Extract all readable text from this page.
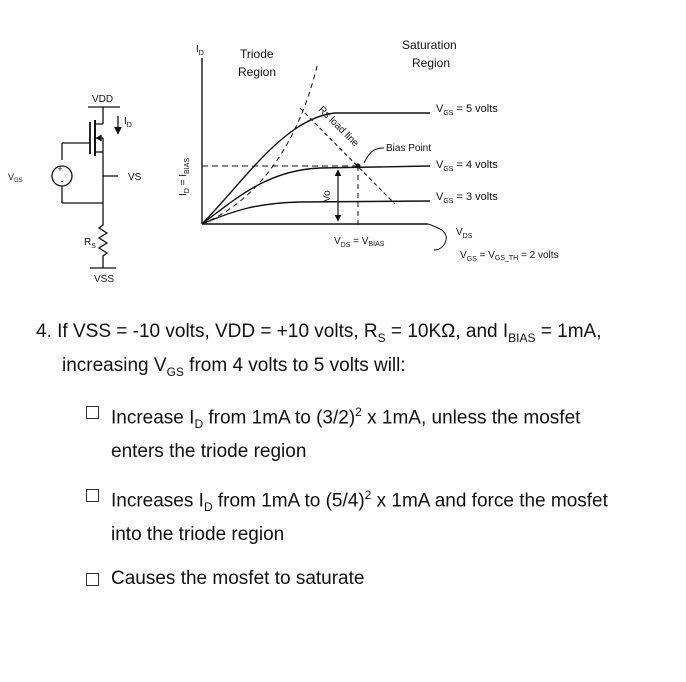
+
-
VDD
$I_D$
$V_{GS}$	VS
$R_S$
VSS
$I_D$
$I_D = I_{BIAS}$
Triode
Region
Saturation
Region
Rs load line	Bias Point
Vo
$V_{DS} = V_{BIAS}$
$V_{GS} = 5$ volts
$V_{GS} = 4$ volts
$V_{GS} = 3$ volts
$V_{DS}$
$V_{GS} = V_{GS\_TH} = 2$ volts
4. If VSS = -10 volts, VDD = +10 volts, $R_S = 10K\Omega$, and $I_{BIAS} = 1mA$,
increasing $V_{GS}$ from 4 volts to 5 volts will:
Increase $I_D$ from 1mA to $(3/2)^2$ x 1mA, unless the mosfet
enters the triode region
Increases $I_D$ from 1mA to $(5/4)^2$ x 1mA and force the mosfet
into the triode region
Causes the mosfet to saturate
